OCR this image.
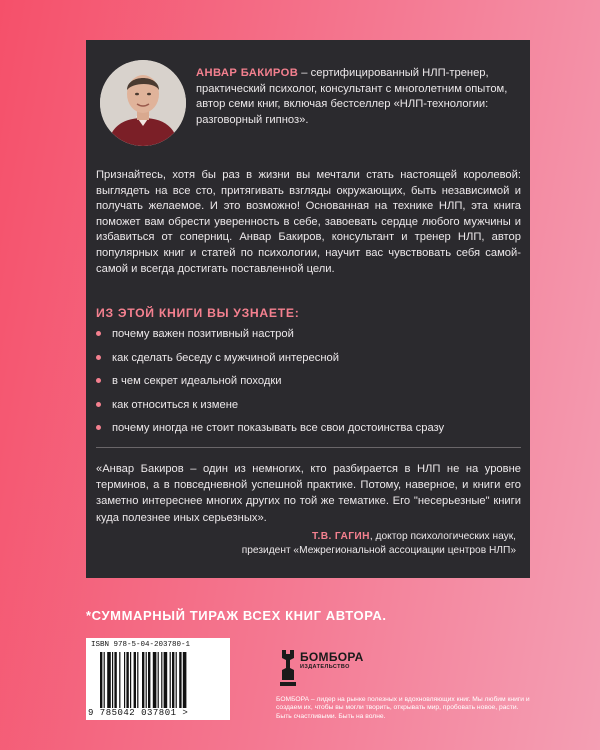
АНВАР БАКИРОВ – сертифицированный НЛП-тренер, практический психолог, консультант с многолетним опытом, автор семи книг, включая бестселлер «НЛП-технологии: разговорный гипноз».
Признайтесь, хотя бы раз в жизни вы мечтали стать настоящей королевой: выглядеть на все сто, притягивать взгляды окружающих, быть независимой и получать желаемое. И это возможно! Основанная на технике НЛП, эта книга поможет вам обрести уверенность в себе, завоевать сердце любого мужчины и избавиться от соперниц. Анвар Бакиров, консультант и тренер НЛП, автор популярных книг и статей по психологии, научит вас чувствовать себя самой-самой и всегда достигать поставленной цели.
ИЗ ЭТОЙ КНИГИ ВЫ УЗНАЕТЕ:
почему важен позитивный настрой
как сделать беседу с мужчиной интересной
в чем секрет идеальной походки
как относиться к измене
почему иногда не стоит показывать все свои достоинства сразу
«Анвар Бакиров – один из немногих, кто разбирается в НЛП не на уровне терминов, а в повседневной успешной практике. Потому, наверное, и книги его заметно интереснее многих других по той же тематике. Его "несерьезные" книги куда полезнее иных серьезных».
Т.В. ГАГИН, доктор психологических наук,
президент «Межрегиональной ассоциации центров НЛП»
*СУММАРНЫЙ ТИРАЖ ВСЕХ КНИГ АВТОРА.
ISBN 978-5-04-203780-1
9 785042 037801 >
БОМБОРА
ИЗДАТЕЛЬСТВО
БОМБОРА – лидер на рынке полезных и вдохновляющих книг. Мы любим книги и создаем их, чтобы вы могли творить, открывать мир, пробовать новое, расти. Быть счастливыми. Быть на волне.
